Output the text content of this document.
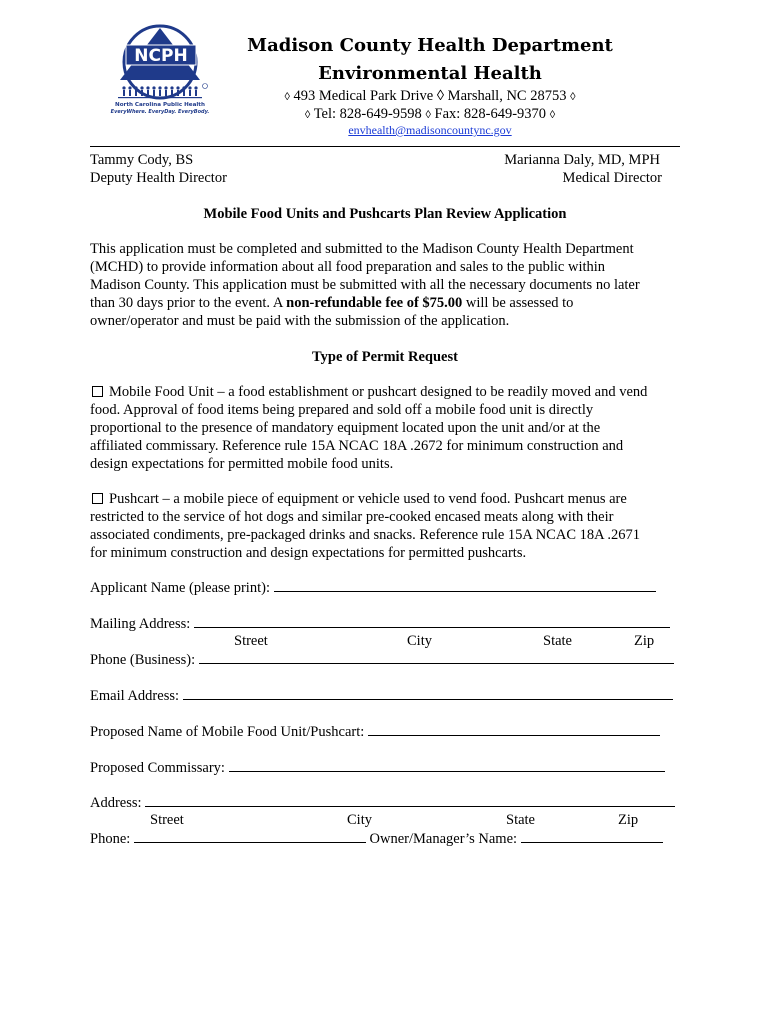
NCPH
North Carolina Public Health
EveryWhere. EveryDay. EveryBody.
Madison County Health Department
Environmental Health
◊ 493 Medical Park Drive ◊ Marshall, NC 28753 ◊
◊ Tel: 828-649-9598 ◊ Fax: 828-649-9370 ◊
envhealth@madisoncountync.gov
Tammy Cody, BS
Deputy Health Director
Marianna Daly, MD, MPH
Medical Director
Mobile Food Units and Pushcarts Plan Review Application
This application must be completed and submitted to the Madison County Health Department
(MCHD) to provide information about all food preparation and sales to the public within
Madison County. This application must be submitted with all the necessary documents no later
than 30 days prior to the event. A non-refundable fee of $75.00 will be assessed to
owner/operator and must be paid with the submission of the application.
Type of Permit Request
Mobile Food Unit – a food establishment or pushcart designed to be readily moved and vend
food. Approval of food items being prepared and sold off a mobile food unit is directly
proportional to the presence of mandatory equipment located upon the unit and/or at the
affiliated commissary. Reference rule 15A NCAC 18A .2672 for minimum construction and
design expectations for permitted mobile food units.
Pushcart – a mobile piece of equipment or vehicle used to vend food. Pushcart menus are
restricted to the service of hot dogs and similar pre-cooked encased meats along with their
associated condiments, pre-packaged drinks and snacks. Reference rule 15A NCAC 18A .2671
for minimum construction and design expectations for permitted pushcarts.
Applicant Name (please print):
Mailing Address:
Street	City	State	Zip
Phone (Business):
Email Address:
Proposed Name of Mobile Food Unit/Pushcart:
Proposed Commissary:
Address:
Street	City	State	Zip
Phone:	Owner/Manager’s Name:
